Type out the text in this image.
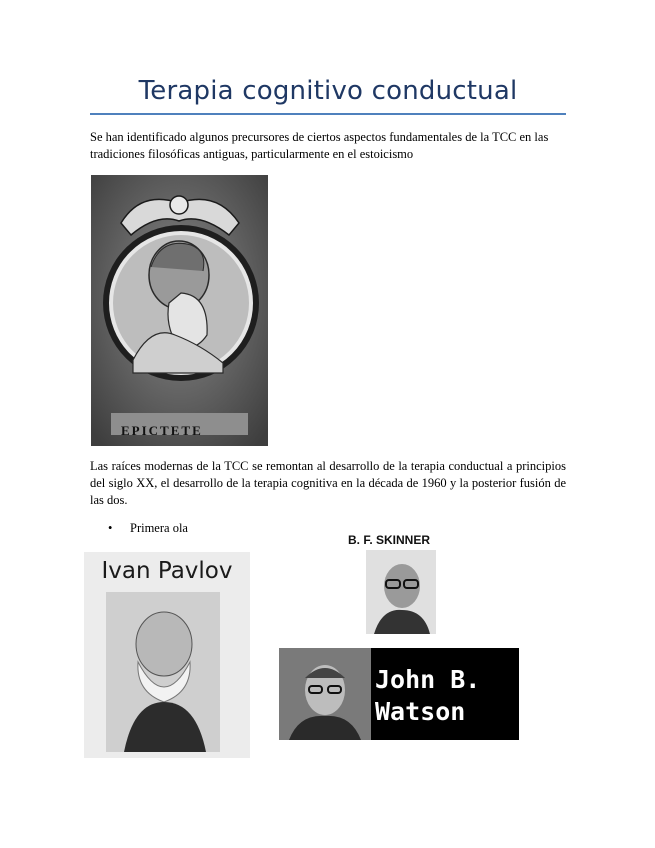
Terapia cognitivo conductual
Se han identificado algunos precursores de ciertos aspectos fundamentales de la TCC en las tradiciones filosóficas antiguas, particularmente en el estoicismo
EPICTETE
Las raíces modernas de la TCC se remontan al desarrollo de la terapia conductual a principios del siglo XX, el desarrollo de la terapia cognitiva en la década de 1960 y la posterior fusión de las dos.
• Primera ola
Ivan Pavlov
B. F. SKINNER
John B.
Watson
